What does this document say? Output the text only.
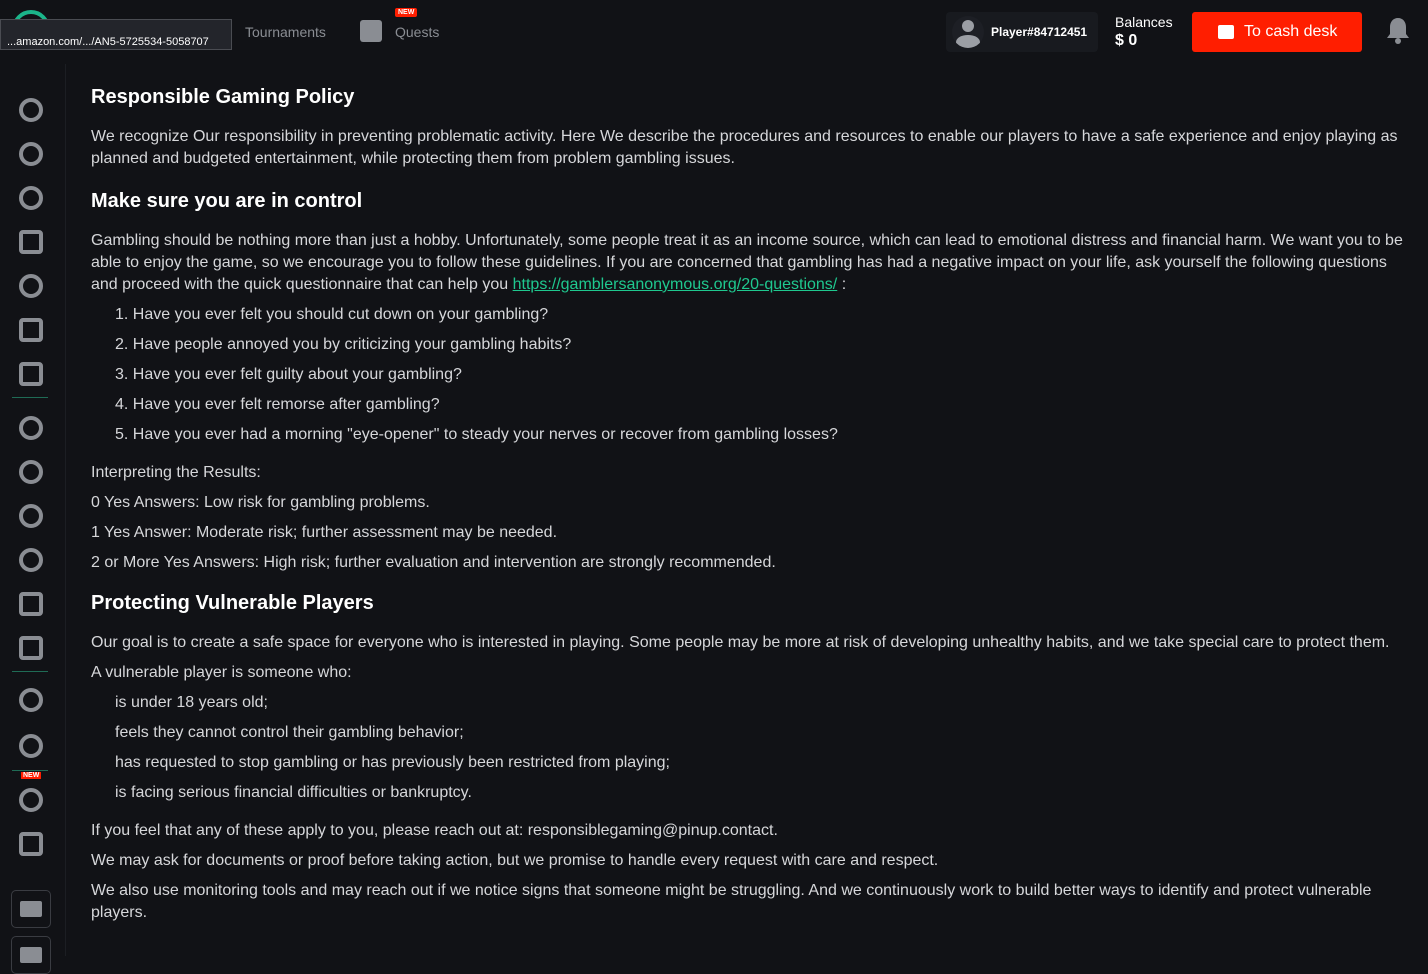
...amazon.com/.../AN5-5725534-5058707
Tournaments
NEW
Quests	Player#84712451
Balances
$ 0
To cash desk
NEW
Responsible Gaming Policy

We recognize Our responsibility in preventing problematic activity. Here We describe the procedures and resources to enable our players to have a safe experience and enjoy playing as planned and budgeted entertainment, while protecting them from problem gambling issues.

Make sure you are in control

Gambling should be nothing more than just a hobby. Unfortunately, some people treat it as an income source, which can lead to emotional distress and financial harm. We want you to be able to enjoy the game, so we encourage you to follow these guidelines. If you are concerned that gambling has had a negative impact on your life, ask yourself the following questions and proceed with the quick questionnaire that can help you https://gamblersanonymous.org/20-questions/ :

1. Have you ever felt you should cut down on your gambling?
2. Have people annoyed you by criticizing your gambling habits?
3. Have you ever felt guilty about your gambling?
4. Have you ever felt remorse after gambling?
5. Have you ever had a morning "eye-opener" to steady your nerves or recover from gambling losses?

Interpreting the Results:

0 Yes Answers: Low risk for gambling problems.

1 Yes Answer: Moderate risk; further assessment may be needed.

2 or More Yes Answers: High risk; further evaluation and intervention are strongly recommended.

Protecting Vulnerable Players

Our goal is to create a safe space for everyone who is interested in playing. Some people may be more at risk of developing unhealthy habits, and we take special care to protect them.

A vulnerable player is someone who:

is under 18 years old;
feels they cannot control their gambling behavior;
has requested to stop gambling or has previously been restricted from playing;
is facing serious financial difficulties or bankruptcy.

If you feel that any of these apply to you, please reach out at: responsiblegaming@pinup.contact.

We may ask for documents or proof before taking action, but we promise to handle every request with care and respect.

We also use monitoring tools and may reach out if we notice signs that someone might be struggling. And we continuously work to build better ways to identify and protect vulnerable players.
